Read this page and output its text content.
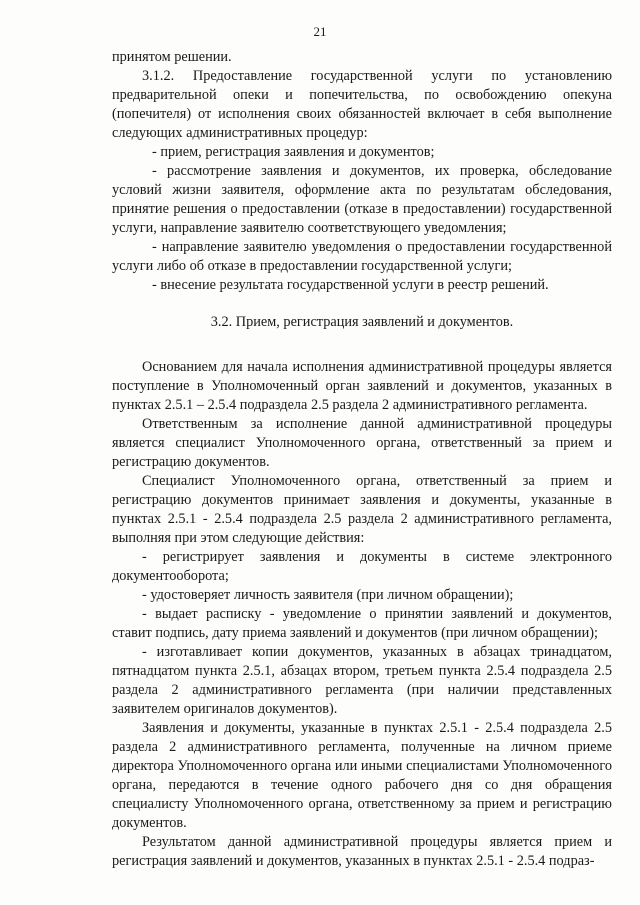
21

принятом решении.

3.1.2. Предоставление государственной услуги по установлению предварительной опеки и попечительства, по освобождению опекуна (попечителя) от исполнения своих обязанностей включает в себя выполнение следующих административных процедур:

- прием, регистрация заявления и документов;

- рассмотрение заявления и документов, их проверка, обследование условий жизни заявителя, оформление акта по результатам обследования, принятие решения о предоставлении (отказе в предоставлении) государственной услуги, направление заявителю соответствующего уведомления;

- направление заявителю уведомления о предоставлении государственной услуги либо об отказе в предоставлении государственной услуги;

- внесение результата государственной услуги в реестр решений.

3.2. Прием, регистрация заявлений и документов.

Основанием для начала исполнения административной процедуры является поступление в Уполномоченный орган заявлений и документов, указанных в пунктах 2.5.1 – 2.5.4 подраздела 2.5 раздела 2 административного регламента.

Ответственным за исполнение данной административной процедуры является специалист Уполномоченного органа, ответственный за прием и регистрацию документов.

Специалист Уполномоченного органа, ответственный за прием и регистрацию документов принимает заявления и документы, указанные в пунктах 2.5.1 - 2.5.4 подраздела 2.5 раздела 2 административного регламента, выполняя при этом следующие действия:

- регистрирует заявления и документы в системе электронного документооборота;

- удостоверяет личность заявителя (при личном обращении);

- выдает расписку - уведомление о принятии заявлений и документов, ставит подпись, дату приема заявлений и документов (при личном обращении);

- изготавливает копии документов, указанных в абзацах тринадцатом, пятнадцатом пункта 2.5.1, абзацах втором, третьем пункта 2.5.4 подраздела 2.5 раздела 2 административного регламента (при наличии представленных заявителем оригиналов документов).

Заявления и документы, указанные в пунктах 2.5.1 - 2.5.4 подраздела 2.5 раздела 2 административного регламента, полученные на личном приеме директора Уполномоченного органа или иными специалистами Уполномоченного органа, передаются в течение одного рабочего дня со дня обращения специалисту Уполномоченного органа, ответственному за прием и регистрацию документов.

Результатом данной административной процедуры является прием и регистрация заявлений и документов, указанных в пунктах 2.5.1 - 2.5.4 подраз-
